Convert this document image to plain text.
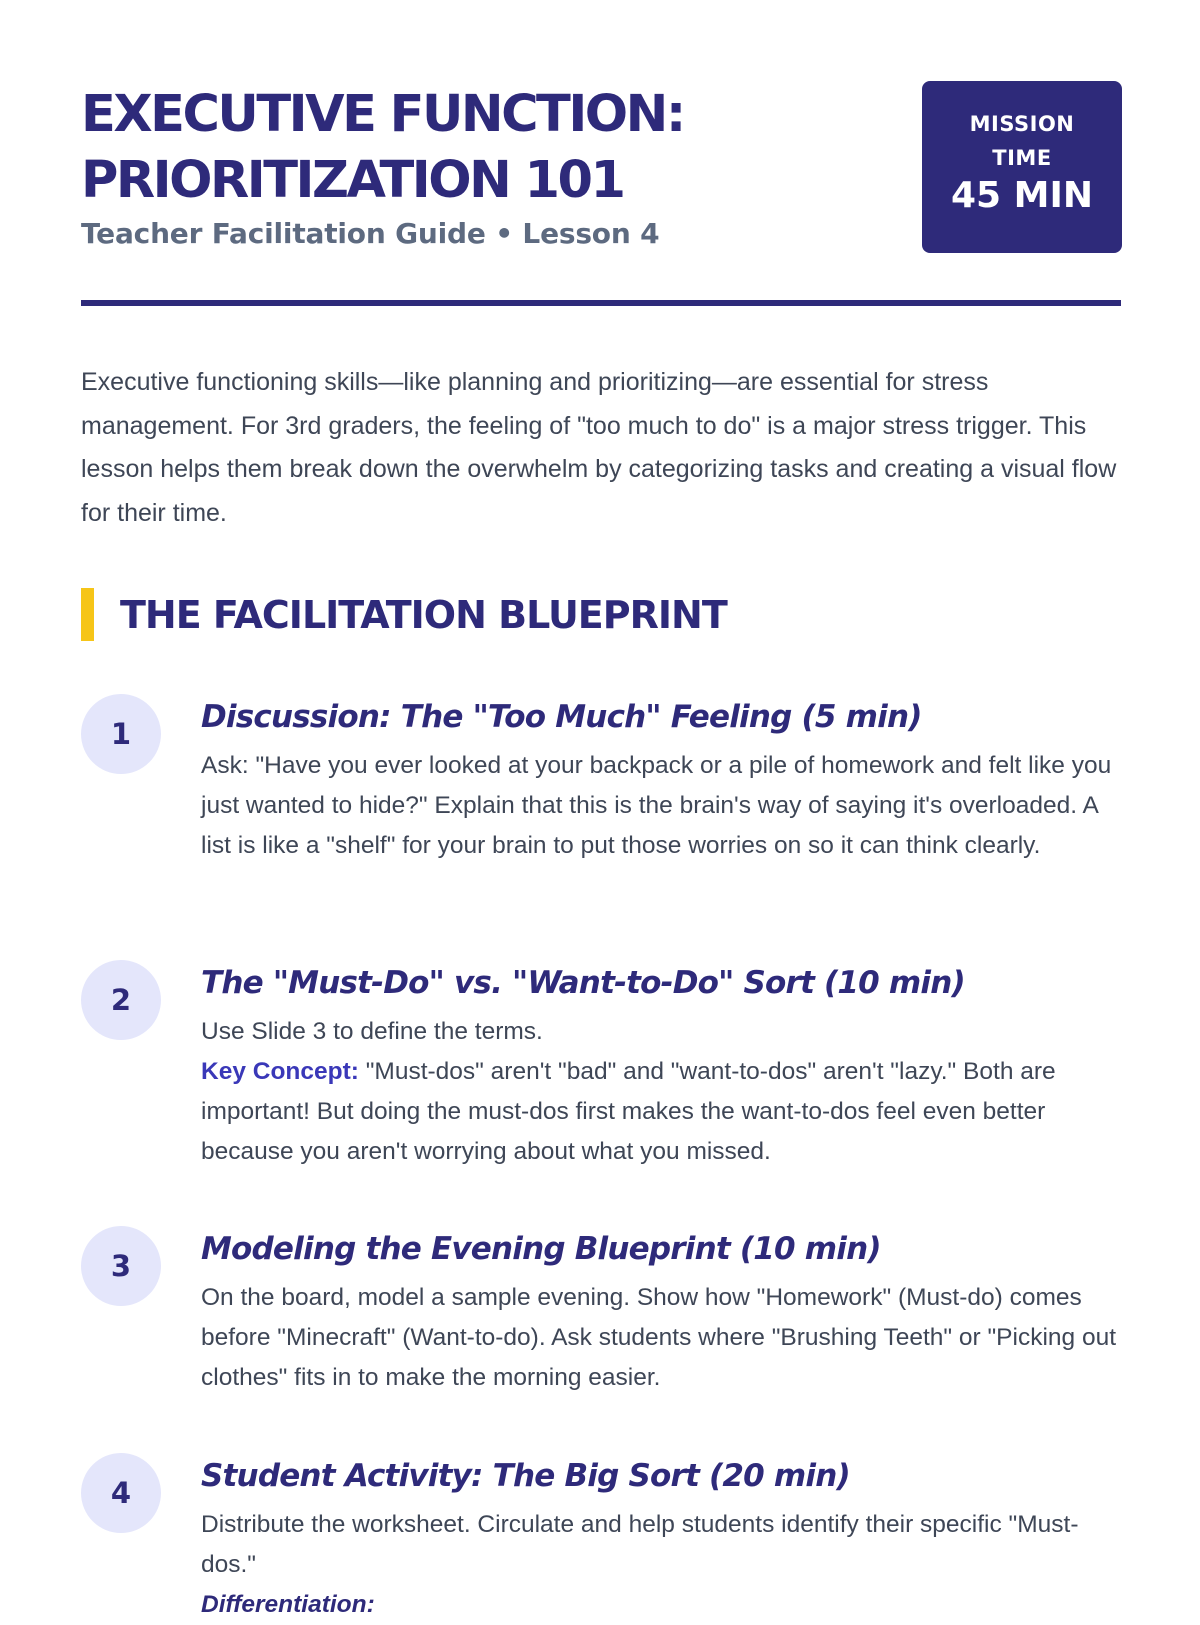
EXECUTIVE FUNCTION:
PRIORITIZATION 101
Teacher Facilitation Guide • Lesson 4
MISSION
TIME
45 MIN

Executive functioning skills—like planning and prioritizing—are essential for stress management. For 3rd graders, the feeling of "too much to do" is a major stress trigger. This lesson helps them break down the overwhelm by categorizing tasks and creating a visual flow for their time.

THE FACILITATION BLUEPRINT
1	Discussion: The "Too Much" Feeling (5 min)
Ask: "Have you ever looked at your backpack or a pile of homework and felt like you just wanted to hide?" Explain that this is the brain's way of saying it's overloaded. A list is like a "shelf" for your brain to put those worries on so it can think clearly.
2	The "Must-Do" vs. "Want-to-Do" Sort (10 min)

Use Slide 3 to define the terms.

Key Concept: "Must-dos" aren't "bad" and "want-to-dos" aren't "lazy." Both are important! But doing the must-dos first makes the want-to-dos feel even better because you aren't worrying about what you missed.

3	Modeling the Evening Blueprint (10 min)
On the board, model a sample evening. Show how "Homework" (Must-do) comes before "Minecraft" (Want-to-do). Ask students where "Brushing Teeth" or "Picking out clothes" fits in to make the morning easier.
4	Student Activity: The Big Sort (20 min)

Distribute the worksheet. Circulate and help students identify their specific "Must-dos."

Differentiation:
